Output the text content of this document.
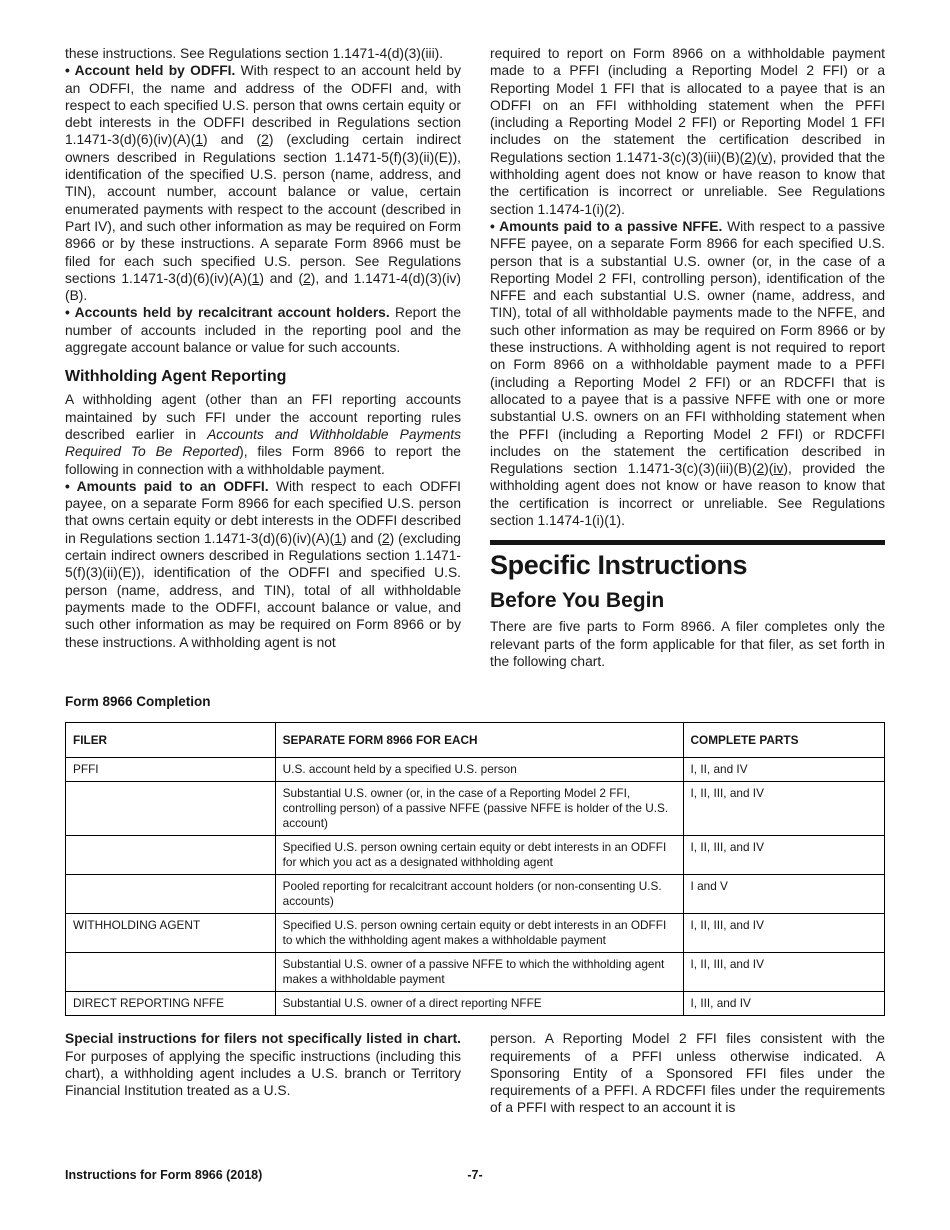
these instructions. See Regulations section 1.1471-4(d)(3)(iii).

• Account held by ODFFI. With respect to an account held by an ODFFI, the name and address of the ODFFI and, with respect to each specified U.S. person that owns certain equity or debt interests in the ODFFI described in Regulations section 1.1471-3(d)(6)(iv)(A)(1) and (2) (excluding certain indirect owners described in Regulations section 1.1471-5(f)(3)(ii)(E)), identification of the specified U.S. person (name, address, and TIN), account number, account balance or value, certain enumerated payments with respect to the account (described in Part IV), and such other information as may be required on Form 8966 or by these instructions. A separate Form 8966 must be filed for each such specified U.S. person. See Regulations sections 1.1471-3(d)(6)(iv)(A)(1) and (2), and 1.1471-4(d)(3)(iv)(B).

• Accounts held by recalcitrant account holders. Report the number of accounts included in the reporting pool and the aggregate account balance or value for such accounts.

Withholding Agent Reporting

A withholding agent (other than an FFI reporting accounts maintained by such FFI under the account reporting rules described earlier in Accounts and Withholdable Payments Required To Be Reported), files Form 8966 to report the following in connection with a withholdable payment.

• Amounts paid to an ODFFI. With respect to each ODFFI payee, on a separate Form 8966 for each specified U.S. person that owns certain equity or debt interests in the ODFFI described in Regulations section 1.1471-3(d)(6)(iv)(A)(1) and (2) (excluding certain indirect owners described in Regulations section 1.1471-5(f)(3)(ii)(E)), identification of the ODFFI and specified U.S. person (name, address, and TIN), total of all withholdable payments made to the ODFFI, account balance or value, and such other information as may be required on Form 8966 or by these instructions. A withholding agent is not

required to report on Form 8966 on a withholdable payment made to a PFFI (including a Reporting Model 2 FFI) or a Reporting Model 1 FFI that is allocated to a payee that is an ODFFI on an FFI withholding statement when the PFFI (including a Reporting Model 2 FFI) or Reporting Model 1 FFI includes on the statement the certification described in Regulations section 1.1471-3(c)(3)(iii)(B)(2)(v), provided that the withholding agent does not know or have reason to know that the certification is incorrect or unreliable. See Regulations section 1.1474-1(i)(2).

• Amounts paid to a passive NFFE. With respect to a passive NFFE payee, on a separate Form 8966 for each specified U.S. person that is a substantial U.S. owner (or, in the case of a Reporting Model 2 FFI, controlling person), identification of the NFFE and each substantial U.S. owner (name, address, and TIN), total of all withholdable payments made to the NFFE, and such other information as may be required on Form 8966 or by these instructions. A withholding agent is not required to report on Form 8966 on a withholdable payment made to a PFFI (including a Reporting Model 2 FFI) or an RDCFFI that is allocated to a payee that is a passive NFFE with one or more substantial U.S. owners on an FFI withholding statement when the PFFI (including a Reporting Model 2 FFI) or RDCFFI includes on the statement the certification described in Regulations section 1.1471-3(c)(3)(iii)(B)(2)(iv), provided the withholding agent does not know or have reason to know that the certification is incorrect or unreliable. See Regulations section 1.1474-1(i)(1).

Specific Instructions
Before You Begin

There are five parts to Form 8966. A filer completes only the relevant parts of the form applicable for that filer, as set forth in the following chart.

Form 8966 Completion
FILER	SEPARATE FORM 8966 FOR EACH	COMPLETE PARTS
PFFI	U.S. account held by a specified U.S. person	I, II, and IV
	Substantial U.S. owner (or, in the case of a Reporting Model 2 FFI, controlling person) of a passive NFFE (passive NFFE is holder of the U.S. account)	I, II, III, and IV
	Specified U.S. person owning certain equity or debt interests in an ODFFI for which you act as a designated withholding agent	I, II, III, and IV
	Pooled reporting for recalcitrant account holders (or non-consenting U.S. accounts)	I and V
WITHHOLDING AGENT	Specified U.S. person owning certain equity or debt interests in an ODFFI to which the withholding agent makes a withholdable payment	I, II, III, and IV
	Substantial U.S. owner of a passive NFFE to which the withholding agent makes a withholdable payment	I, II, III, and IV
DIRECT REPORTING NFFE	Substantial U.S. owner of a direct reporting NFFE	I, III, and IV

Special instructions for filers not specifically listed in chart. For purposes of applying the specific instructions (including this chart), a withholding agent includes a U.S. branch or Territory Financial Institution treated as a U.S.

person. A Reporting Model 2 FFI files consistent with the requirements of a PFFI unless otherwise indicated. A Sponsoring Entity of a Sponsored FFI files under the requirements of a PFFI. A RDCFFI files under the requirements of a PFFI with respect to an account it is

Instructions for Form 8966 (2018)	-7-
